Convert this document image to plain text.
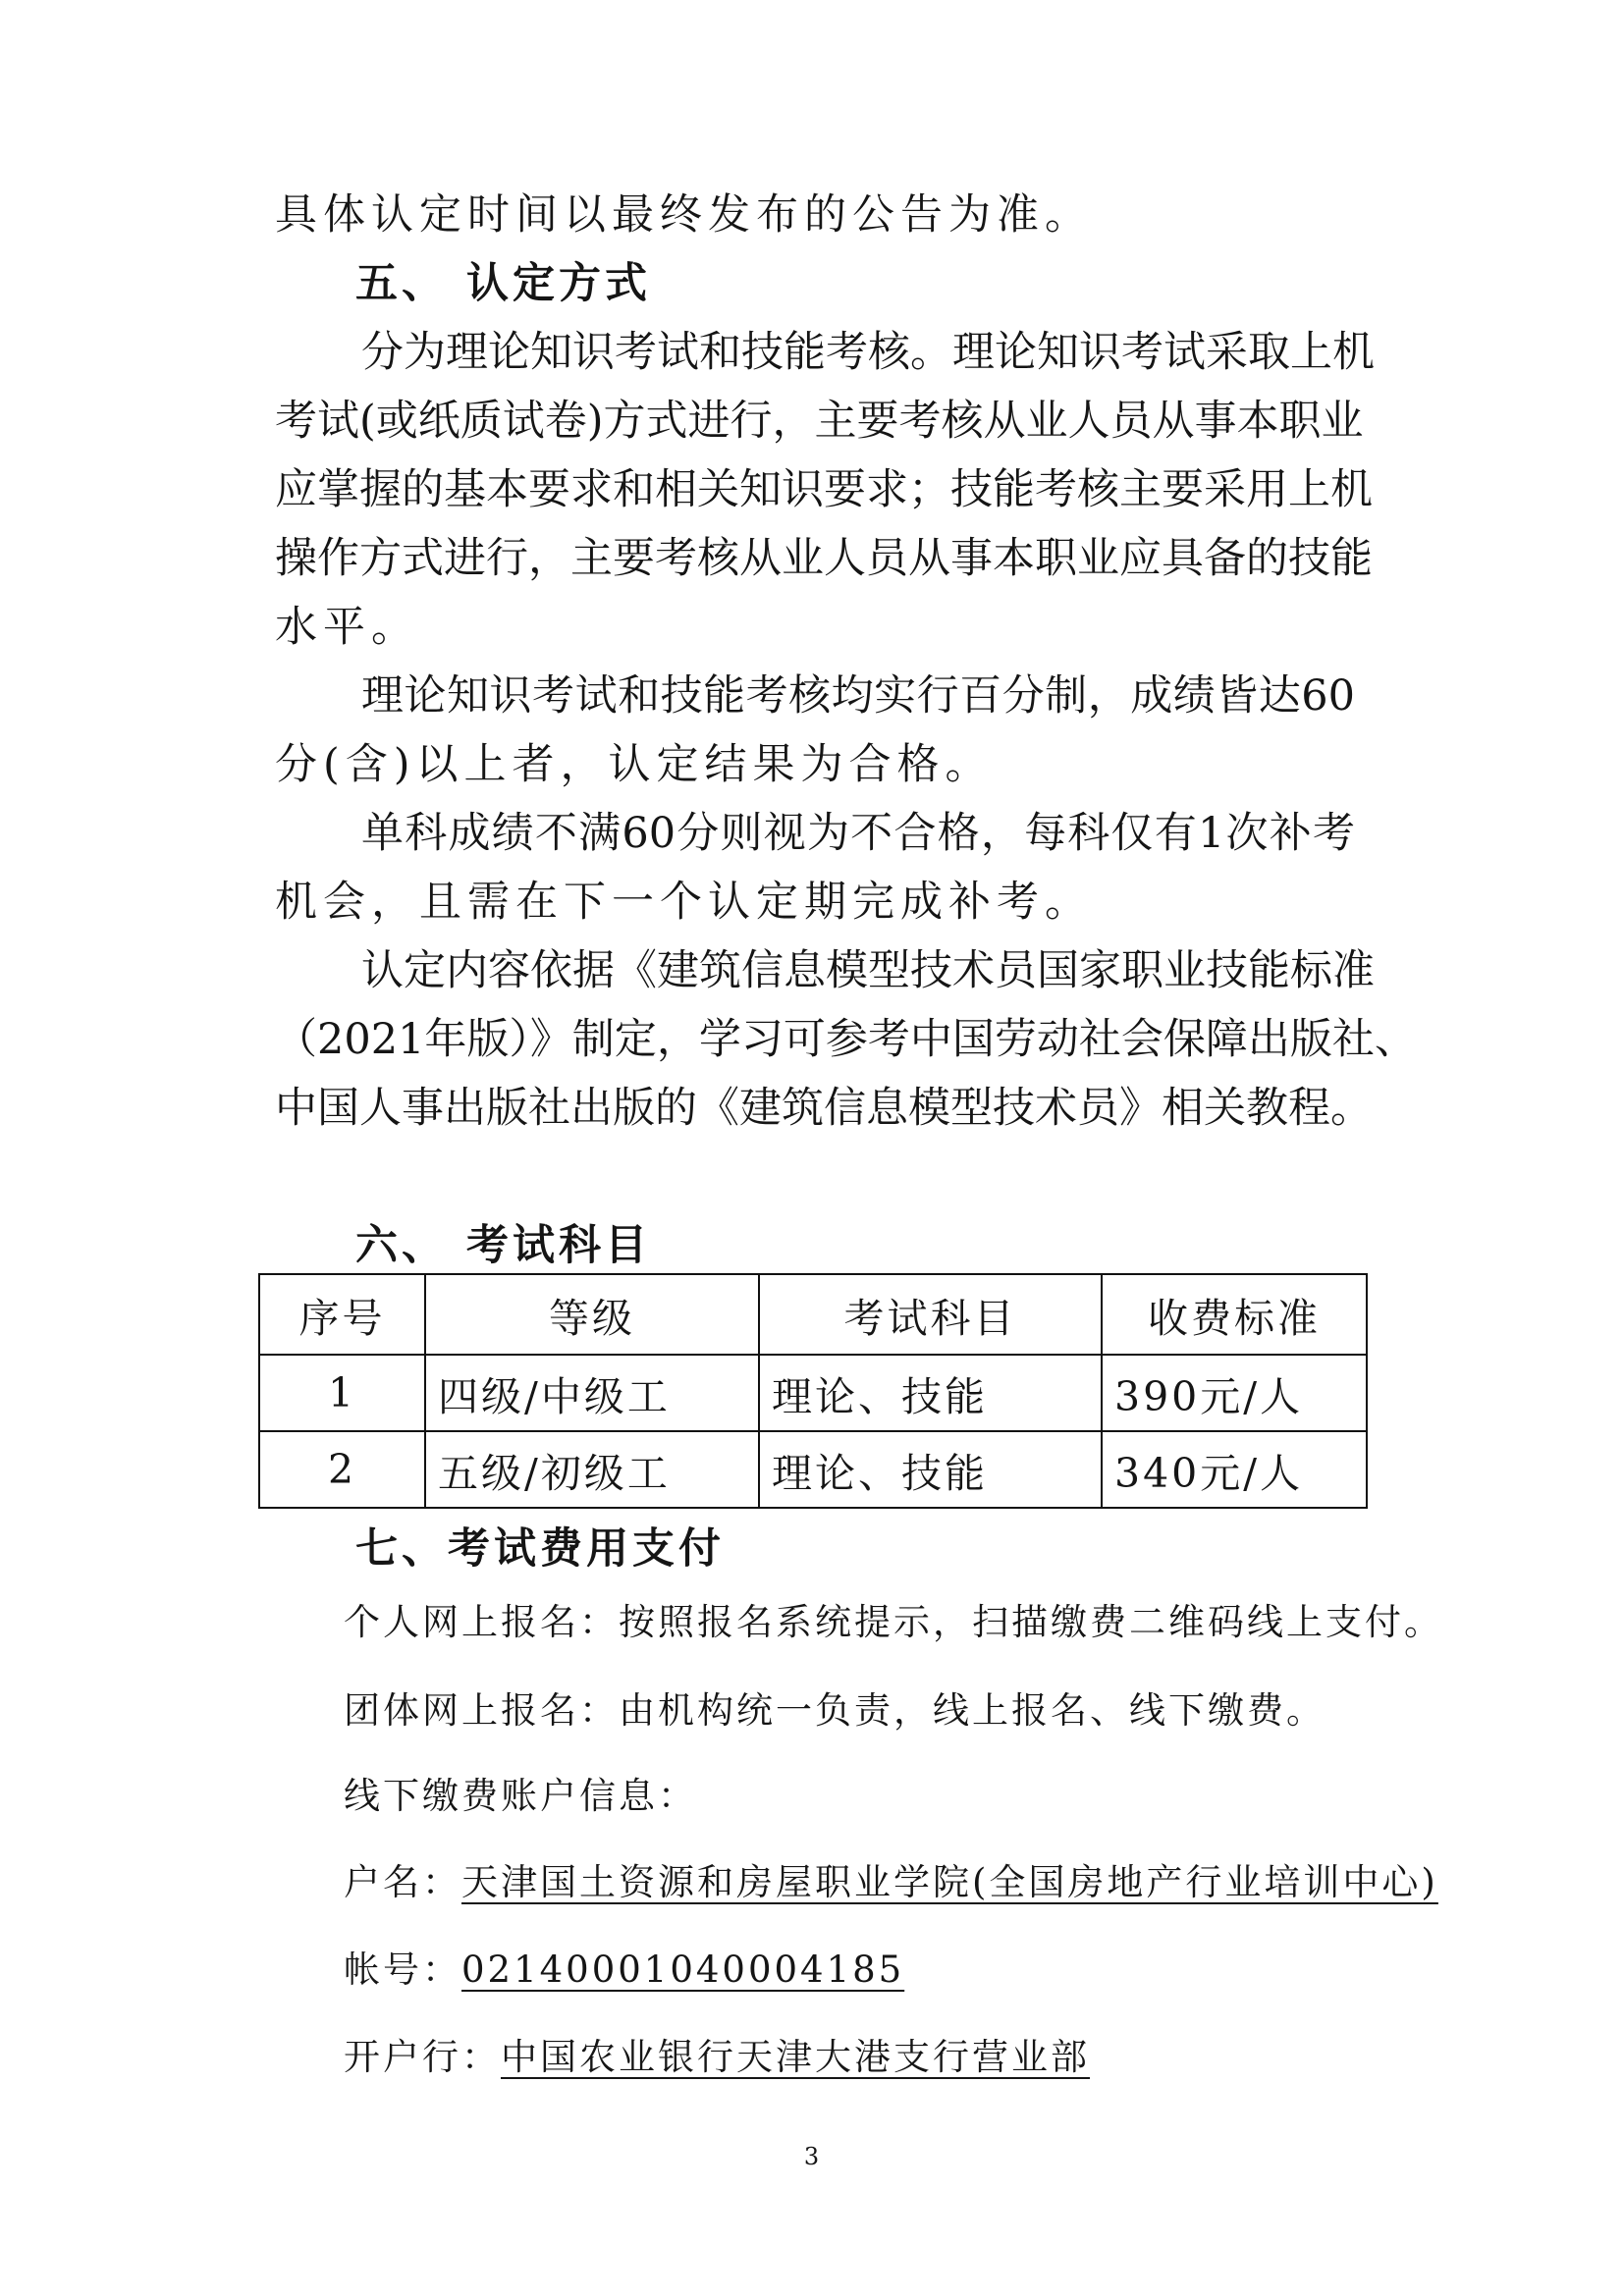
具体认定时间以最终发布的公告为准。
五、 认定方式
分为理论知识考试和技能考核。理论知识考试采取上机
考试(或纸质试卷)方式进行，主要考核从业人员从事本职业
应掌握的基本要求和相关知识要求；技能考核主要采用上机
操作方式进行，主要考核从业人员从事本职业应具备的技能
水平。
理论知识考试和技能考核均实行百分制，成绩皆达60
分(含)以上者，认定结果为合格。
单科成绩不满60分则视为不合格，每科仅有1次补考
机会，且需在下一个认定期完成补考。
认定内容依据《建筑信息模型技术员国家职业技能标准
（2021年版）》制定，学习可参考中国劳动社会保障出版社、
中国人事出版社出版的《建筑信息模型技术员》相关教程。
六、 考试科目
序号	等级	考试科目	收费标准
1	四级/中级工	理论、技能	390元/人
2	五级/初级工	理论、技能	340元/人
七、考试费用支付
个人网上报名：按照报名系统提示，扫描缴费二维码线上支付。
团体网上报名：由机构统一负责，线上报名、线下缴费。
线下缴费账户信息：
户名：天津国土资源和房屋职业学院(全国房地产行业培训中心)
帐号：02140001040004185
开户行：中国农业银行天津大港支行营业部
3
